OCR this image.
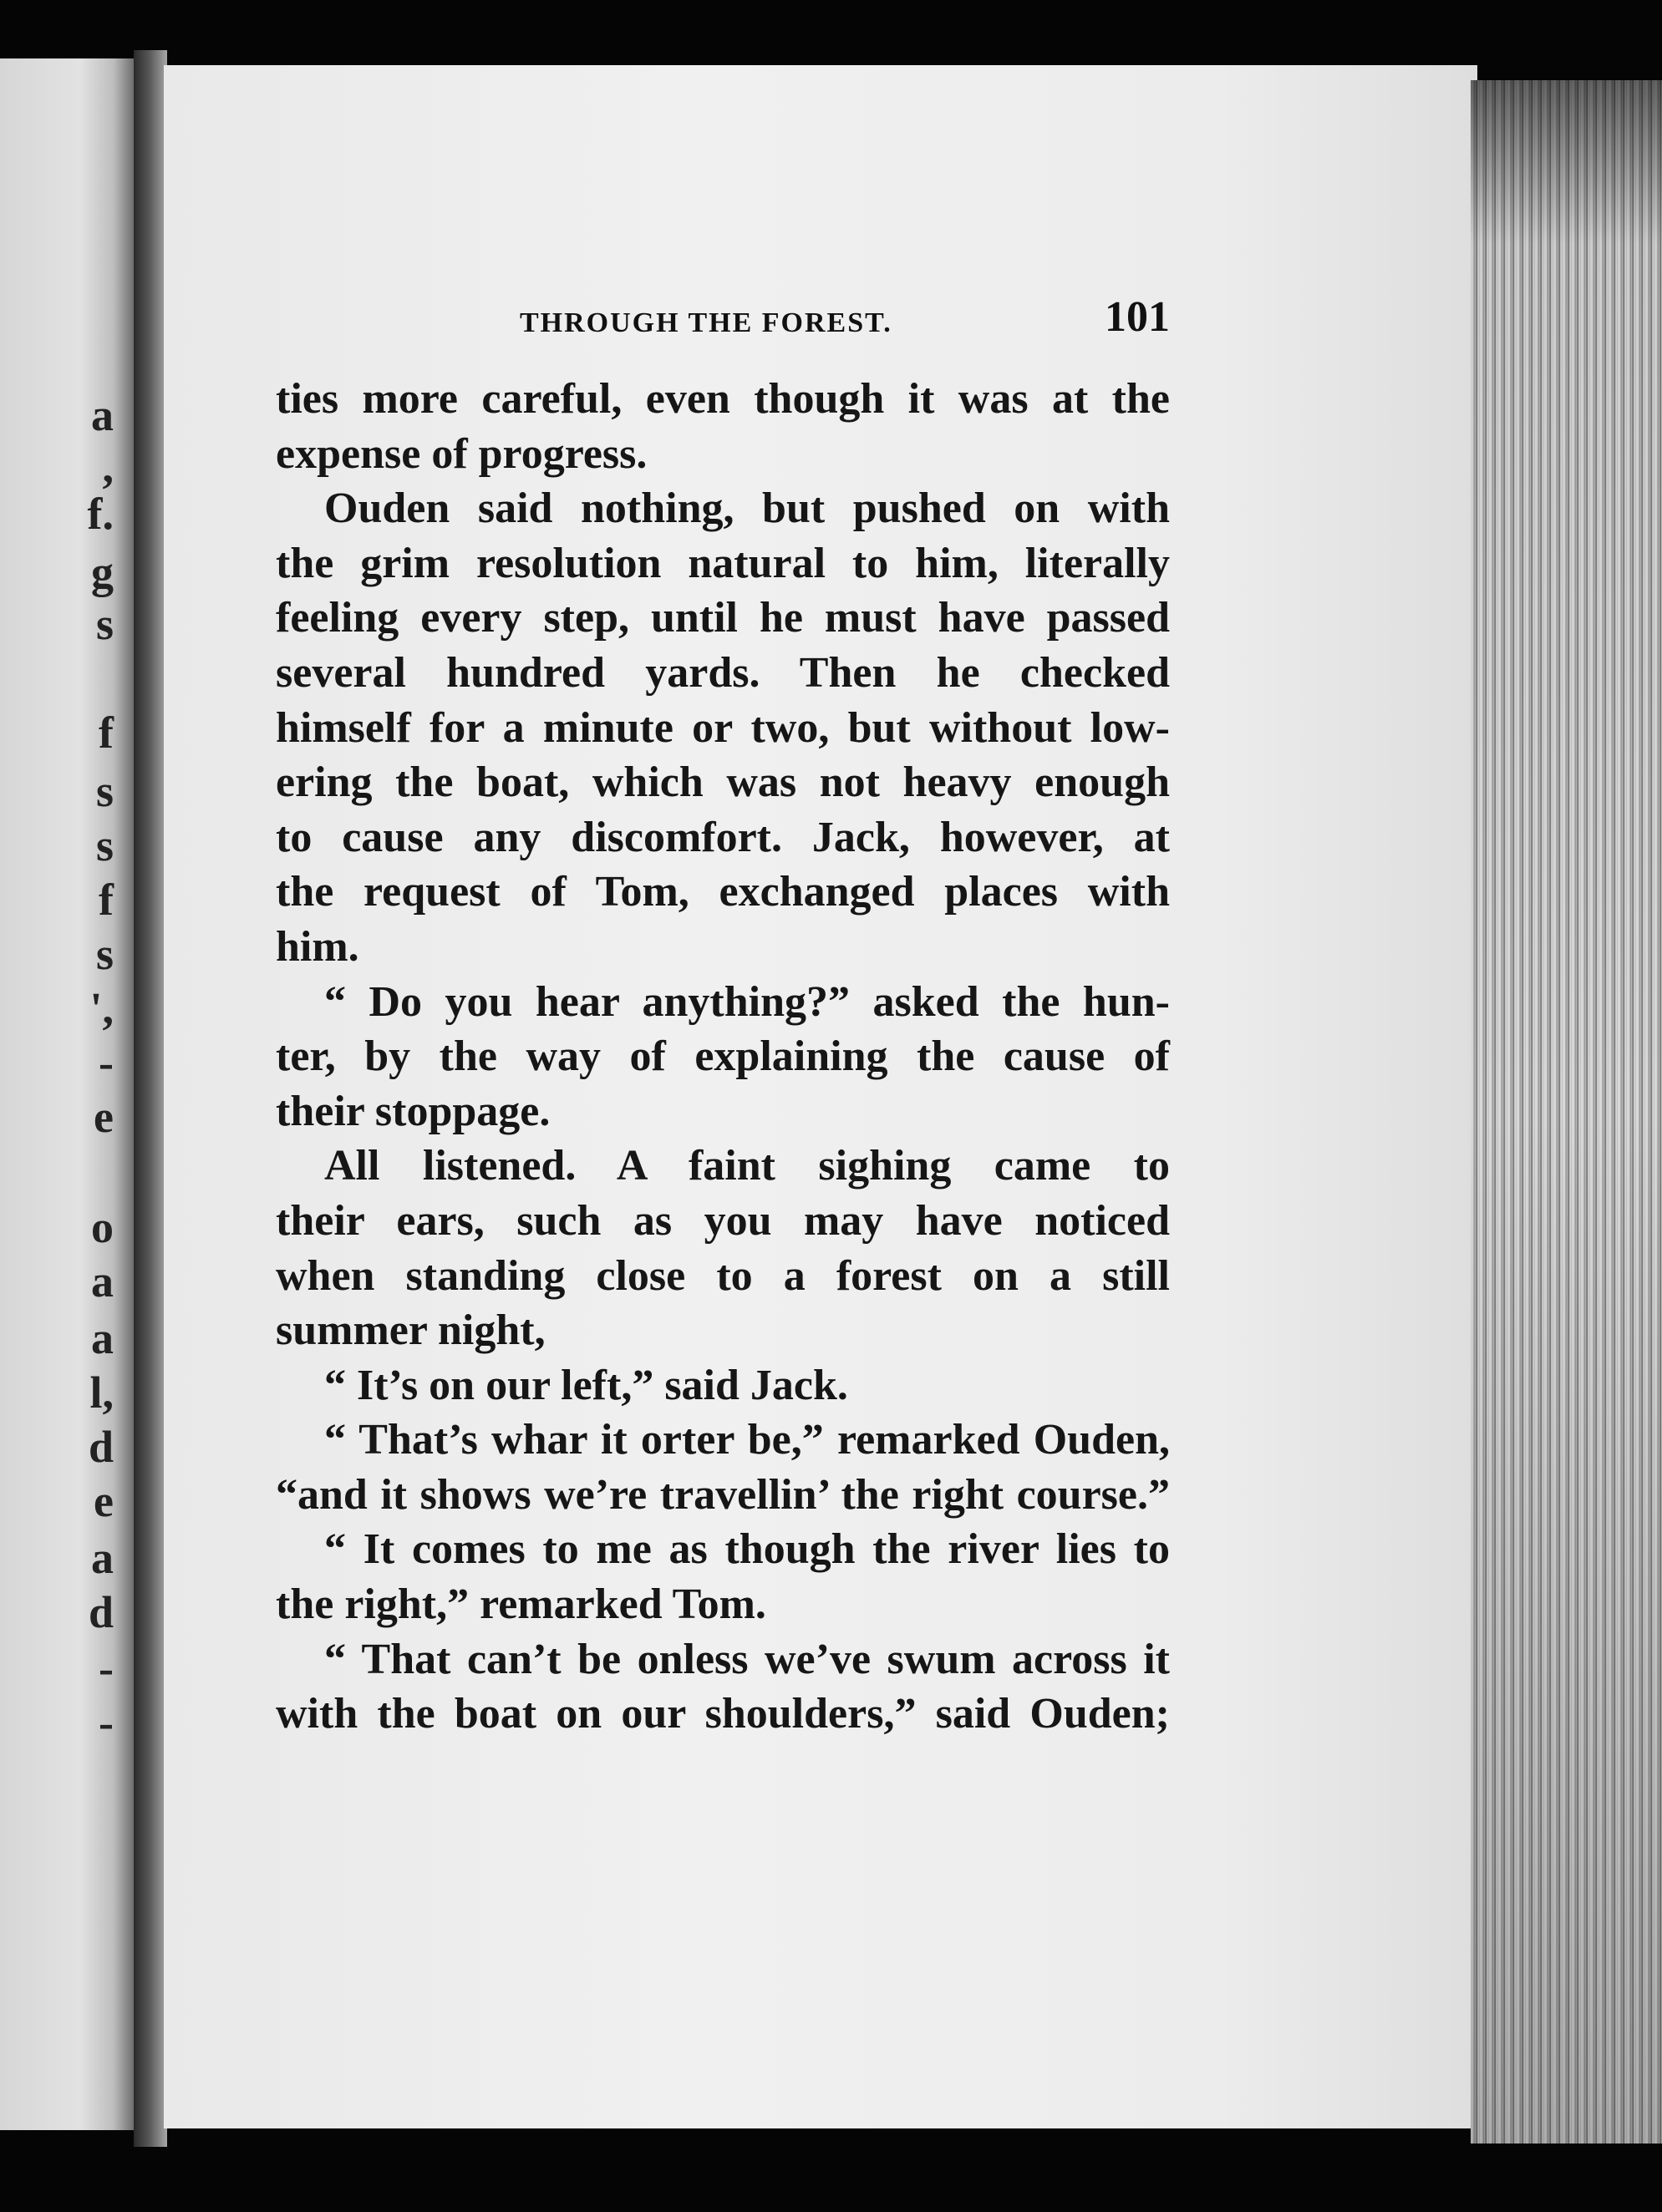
a
,
f.
g
s
f
s
s
f
s
',
-
e
o
a
a
l,
d
e
a
d
-
-
THROUGH THE FOREST.	101
ties more careful, even though it was at the
expense of progress.
Ouden said nothing, but pushed on with
the grim resolution natural to him, literally
feeling every step, until he must have passed
several hundred yards. Then he checked
himself for a minute or two, but without low-
ering the boat, which was not heavy enough
to cause any discomfort. Jack, however, at
the request of Tom, exchanged places with
him.
“ Do you hear anything?” asked the hun-
ter, by the way of explaining the cause of
their stoppage.
All listened. A faint sighing came to
their ears, such as you may have noticed
when standing close to a forest on a still
summer night,
“ It’s on our left,” said Jack.
“ That’s whar it orter be,” remarked Ouden,
“and it shows we’re travellin’ the right course.”
“ It comes to me as though the river lies to
the right,” remarked Tom.
“ That can’t be onless we’ve swum across it
with the boat on our shoulders,” said Ouden;
